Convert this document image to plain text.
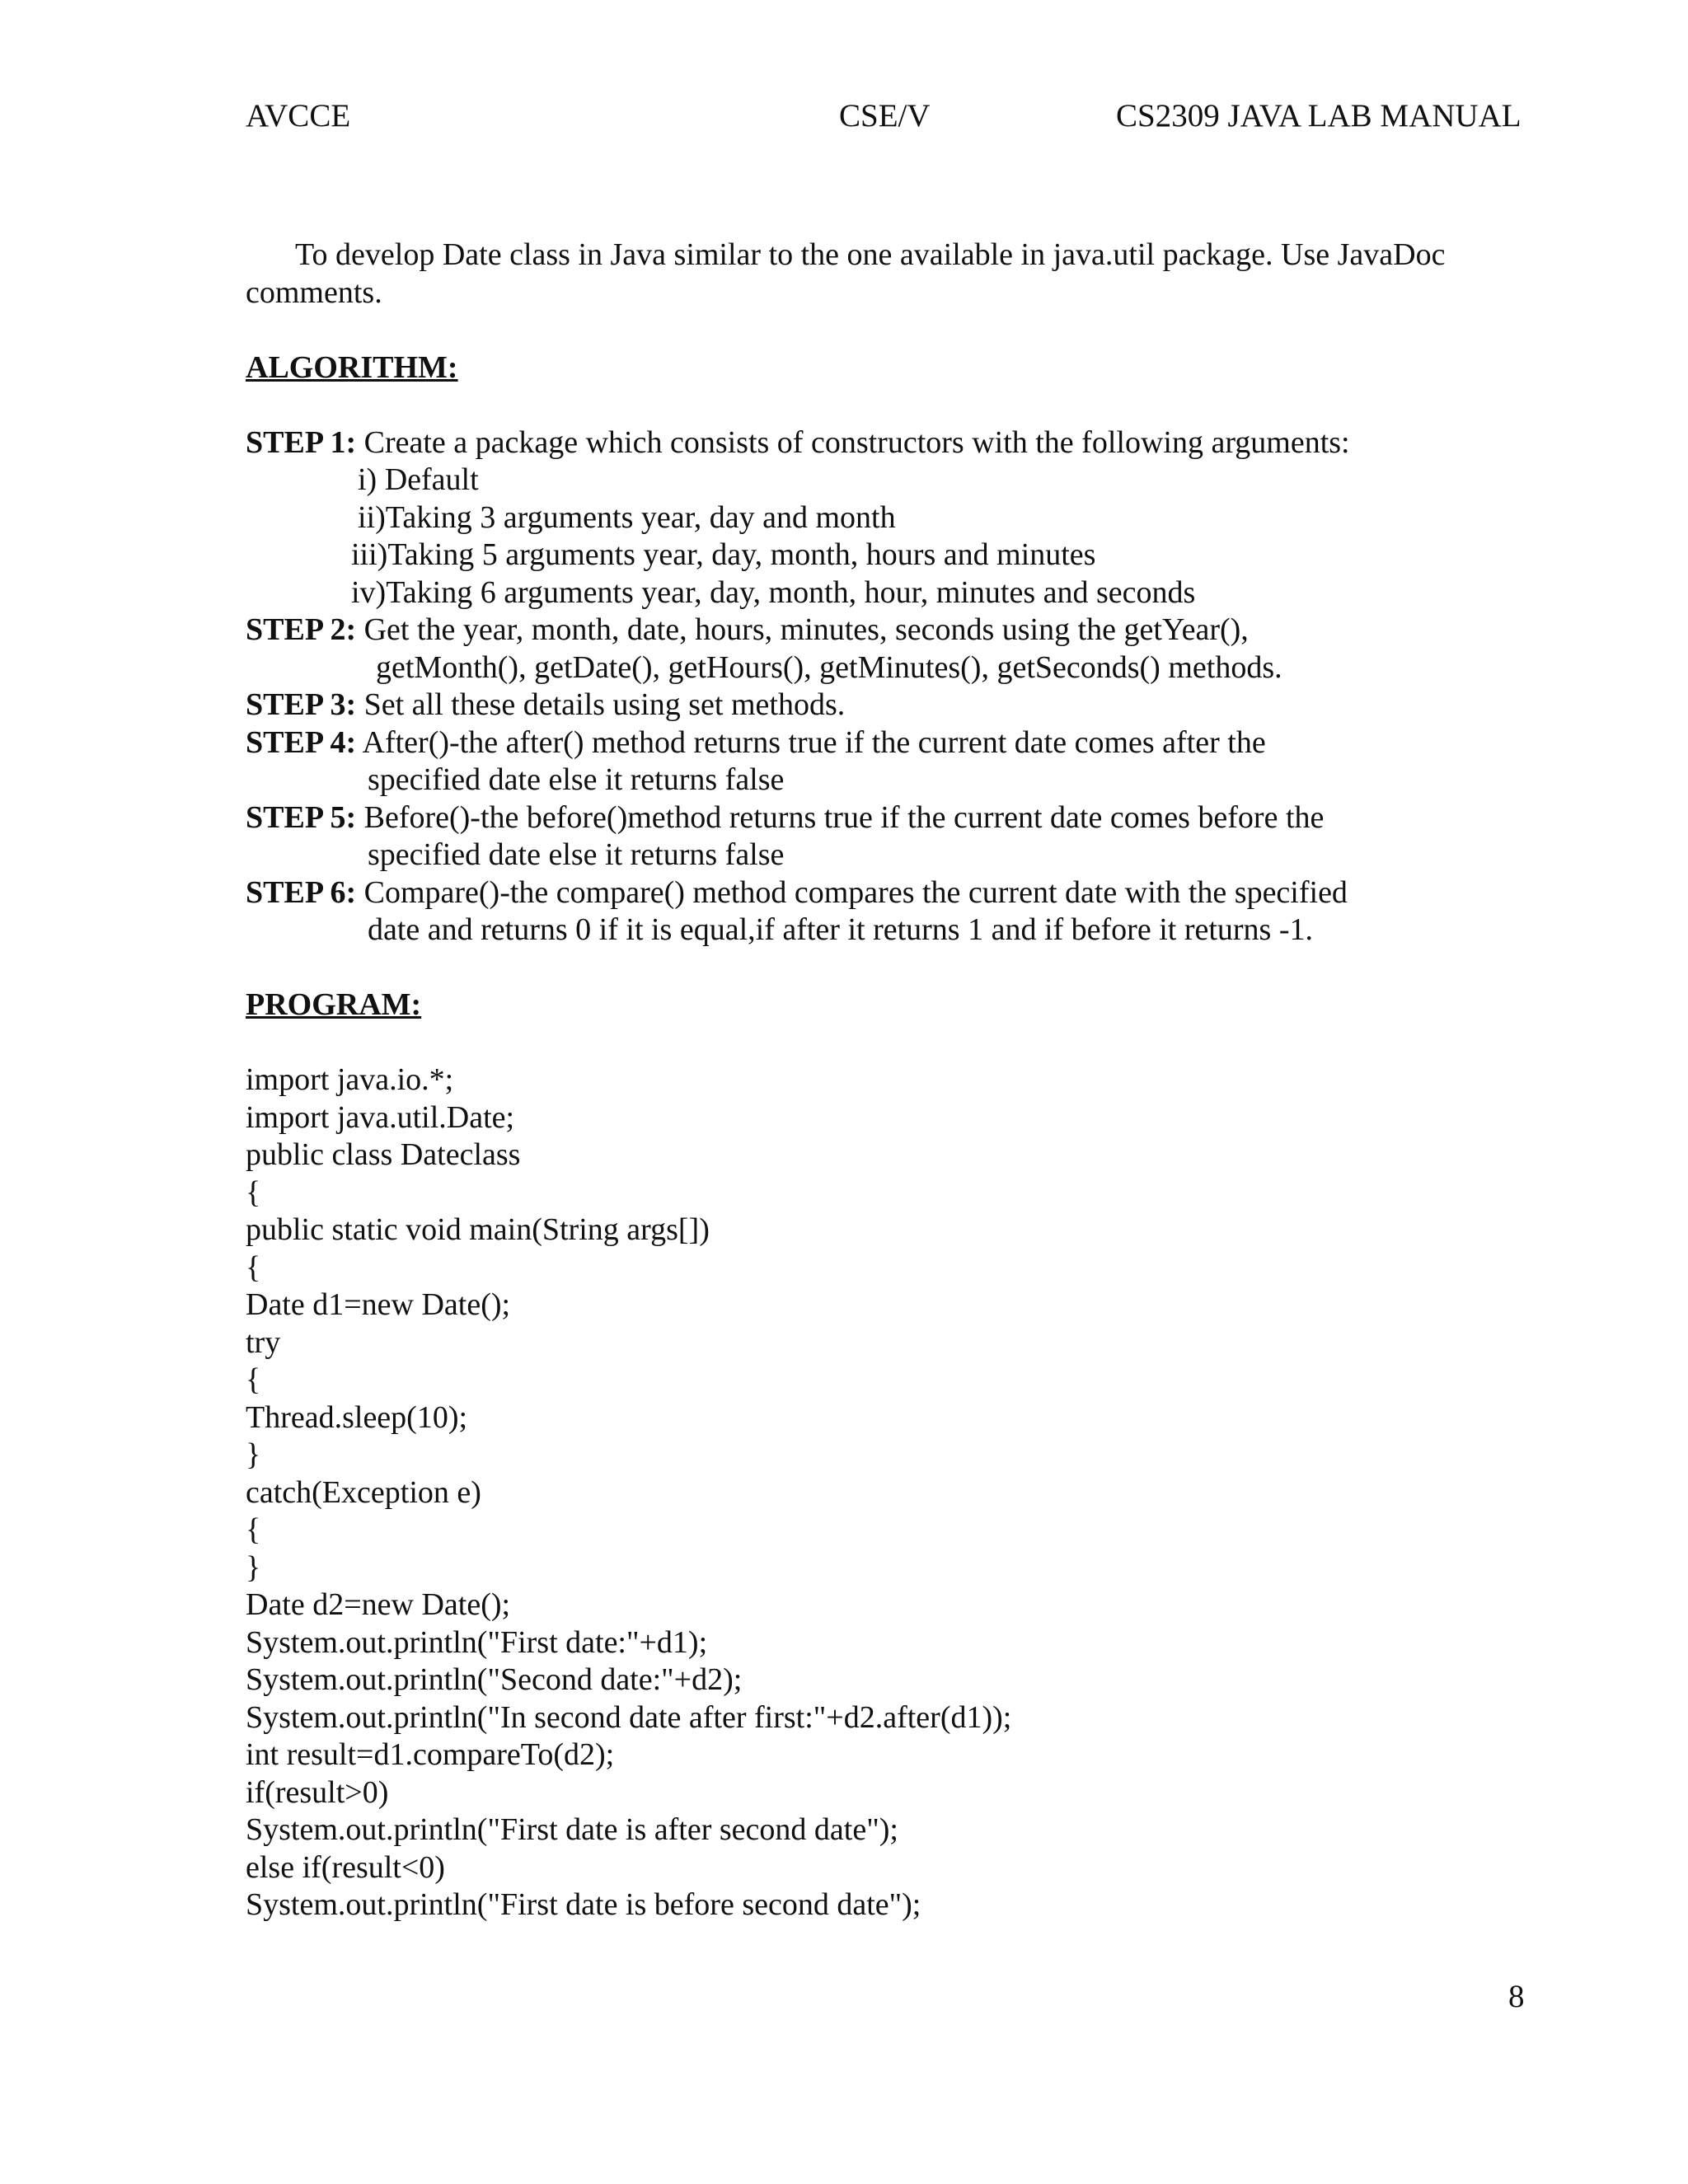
AVCCE	CSE/V	CS2309 JAVA LAB MANUAL
To develop Date class in Java similar to the one available in java.util package. Use JavaDoc comments.
ALGORITHM:
STEP 1: Create a package which consists of constructors with the following arguments:
i) Default
ii)Taking 3 arguments year, day and month
iii)Taking 5 arguments year, day, month, hours and minutes
iv)Taking 6 arguments year, day, month, hour, minutes and seconds
STEP 2: Get the year, month, date, hours, minutes, seconds using the getYear(),
getMonth(), getDate(), getHours(), getMinutes(), getSeconds() methods.
STEP 3: Set all these details using set methods.
STEP 4: After()-the after() method returns true if the current date comes after the
specified date else it returns false
STEP 5: Before()-the before()method returns true if the current date comes before the
specified date else it returns false
STEP 6: Compare()-the compare() method compares the current date with the specified
date and returns 0 if it is equal,if after it returns 1 and if before it returns -1.
PROGRAM:
import java.io.*;
import java.util.Date;
public class Dateclass
{
public static void main(String args[])
{
Date d1=new Date();
try
{
Thread.sleep(10);
}
catch(Exception e)
{
}
Date d2=new Date();
System.out.println("First date:"+d1);
System.out.println("Second date:"+d2);
System.out.println("In second date after first:"+d2.after(d1));
int result=d1.compareTo(d2);
if(result>0)
System.out.println("First date is after second date");
else if(result<0)
System.out.println("First date is before second date");
8
